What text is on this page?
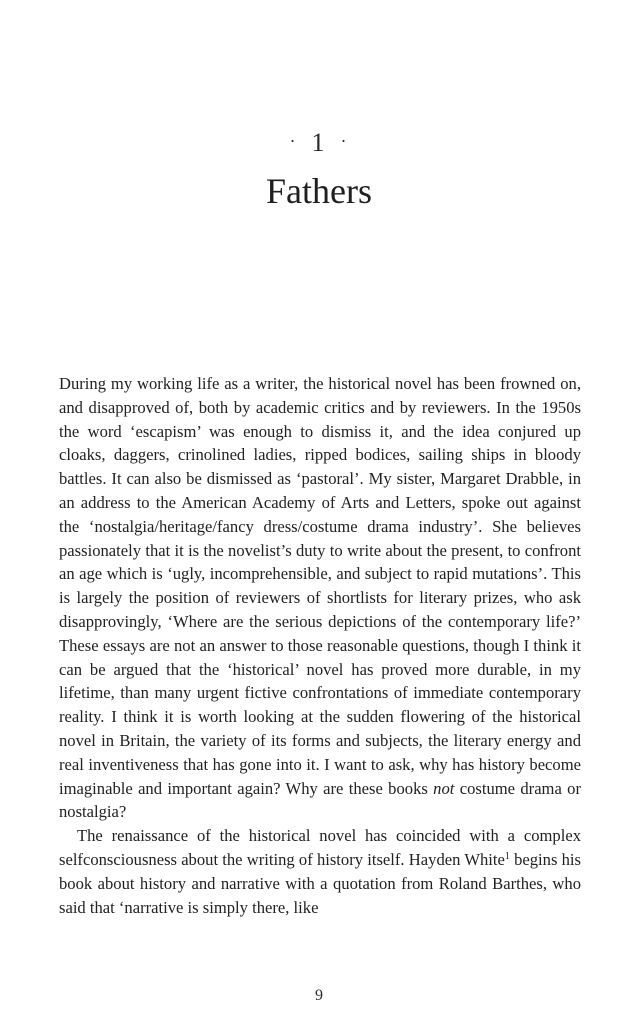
· 1 ·
Fathers

During my working life as a writer, the historical novel has been frowned on, and disapproved of, both by academic critics and by reviewers. In the 1950s the word ‘escapism’ was enough to dismiss it, and the idea conjured up cloaks, daggers, crinolined ladies, ripped bodices, sailing ships in bloody battles. It can also be dismissed as ‘pastoral’. My sister, Margaret Drabble, in an address to the American Academy of Arts and Letters, spoke out against the ‘nostalgia/heritage/fancy dress/costume drama industry’. She believes passionately that it is the novelist’s duty to write about the present, to confront an age which is ‘ugly, incomprehensible, and subject to rapid mutations’. This is largely the position of reviewers of shortlists for literary prizes, who ask disapprovingly, ‘Where are the serious depictions of the contemporary life?’ These essays are not an answer to those reasonable questions, though I think it can be argued that the ‘historical’ novel has proved more durable, in my lifetime, than many urgent fictive confrontations of immediate contemporary reality. I think it is worth looking at the sudden flowering of the historical novel in Britain, the variety of its forms and subjects, the literary energy and real inventiveness that has gone into it. I want to ask, why has history become imaginable and important again? Why are these books not costume drama or nostalgia?

The renaissance of the historical novel has coincided with a complex selfconsciousness about the writing of history itself. Hayden White$^1$ begins his book about history and narrative with a quotation from Roland Barthes, who said that ‘narrative is simply there, like

9
